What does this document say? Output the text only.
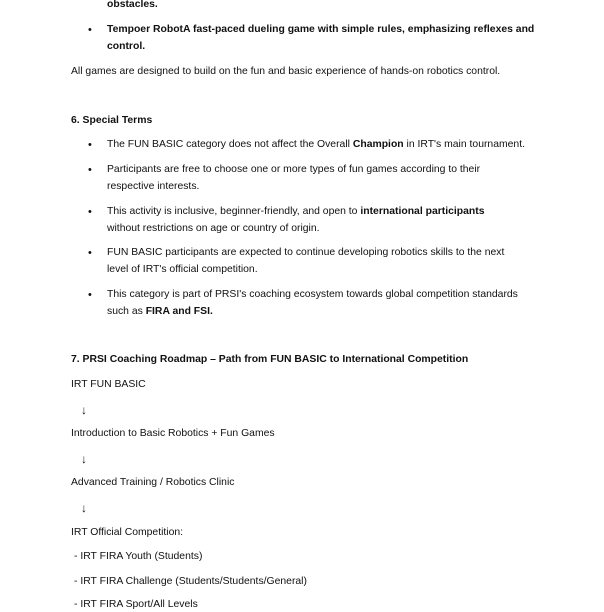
obstacles.
• Tempoer RobotA fast-paced dueling game with simple rules, emphasizing reflexes and
control.
All games are designed to build on the fun and basic experience of hands-on robotics control.
6. Special Terms
• The FUN BASIC category does not affect the Overall Champion in IRT's main tournament.
• Participants are free to choose one or more types of fun games according to their
respective interests.
• This activity is inclusive, beginner-friendly, and open to international participants
without restrictions on age or country of origin.
• FUN BASIC participants are expected to continue developing robotics skills to the next
level of IRT's official competition.
• This category is part of PRSI's coaching ecosystem towards global competition standards
such as FIRA and FSI.
7. PRSI Coaching Roadmap – Path from FUN BASIC to International Competition
IRT FUN BASIC
↓
Introduction to Basic Robotics + Fun Games
↓
Advanced Training / Robotics Clinic
↓
IRT Official Competition:
- IRT FIRA Youth (Students)
- IRT FIRA Challenge (Students/Students/General)
- IRT FIRA Sport/All Levels
